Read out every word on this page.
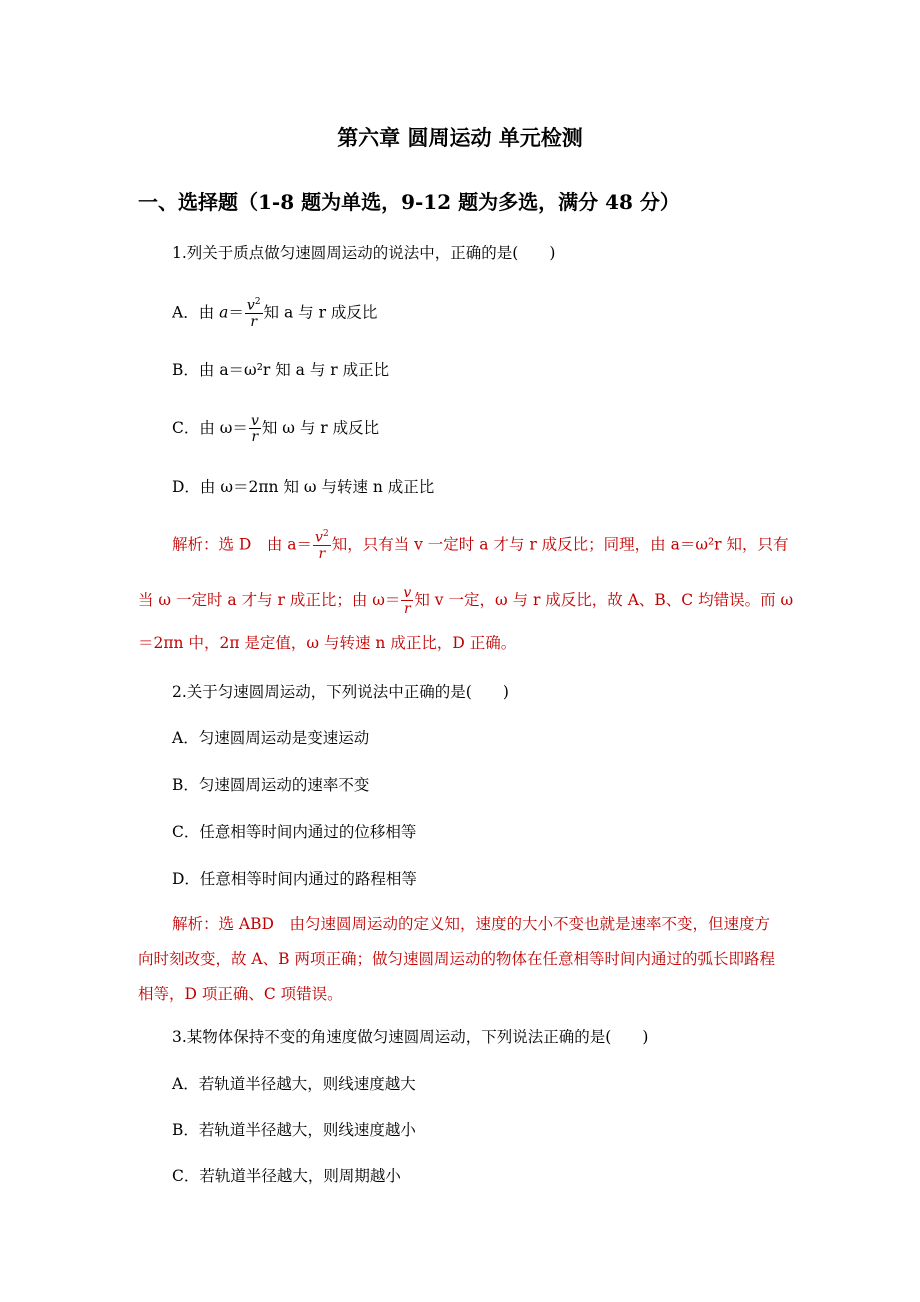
第六章 圆周运动 单元检测
一、选择题（1-8 题为单选，9-12 题为多选，满分 48 分）
1.列关于质点做匀速圆周运动的说法中，正确的是(　　)
A．由 $a= \frac{v^2}{r}$ 知 a 与 r 成反比
B．由 a＝ω²r 知 a 与 r 成正比
C．由 $\omega= \frac{v}{r}$ 知 ω 与 r 成反比
D．由 ω＝2πn 知 ω 与转速 n 成正比
解析：选 D　由 $a= \frac{v^2}{r}$ 知，只有当 v 一定时 a 才与 r 成反比；同理，由 a＝ω²r 知，只有
当 ω 一定时 a 才与 r 成正比；由 $\omega= \frac{v}{r}$ 知 v 一定，ω 与 r 成反比，故 A、B、C 均错误。而 ω
＝2πn 中，2π 是定值，ω 与转速 n 成正比，D 正确。
2.关于匀速圆周运动，下列说法中正确的是(　　)
A．匀速圆周运动是变速运动
B．匀速圆周运动的速率不变
C．任意相等时间内通过的位移相等
D．任意相等时间内通过的路程相等
解析：选 ABD　由匀速圆周运动的定义知，速度的大小不变也就是速率不变，但速度方向时刻改变，故 A、B 两项正确；做匀速圆周运动的物体在任意相等时间内通过的弧长即路程相等，D 项正确、C 项错误。
3.某物体保持不变的角速度做匀速圆周运动，下列说法正确的是(　　)
A．若轨道半径越大，则线速度越大
B．若轨道半径越大，则线速度越小
C．若轨道半径越大，则周期越小
